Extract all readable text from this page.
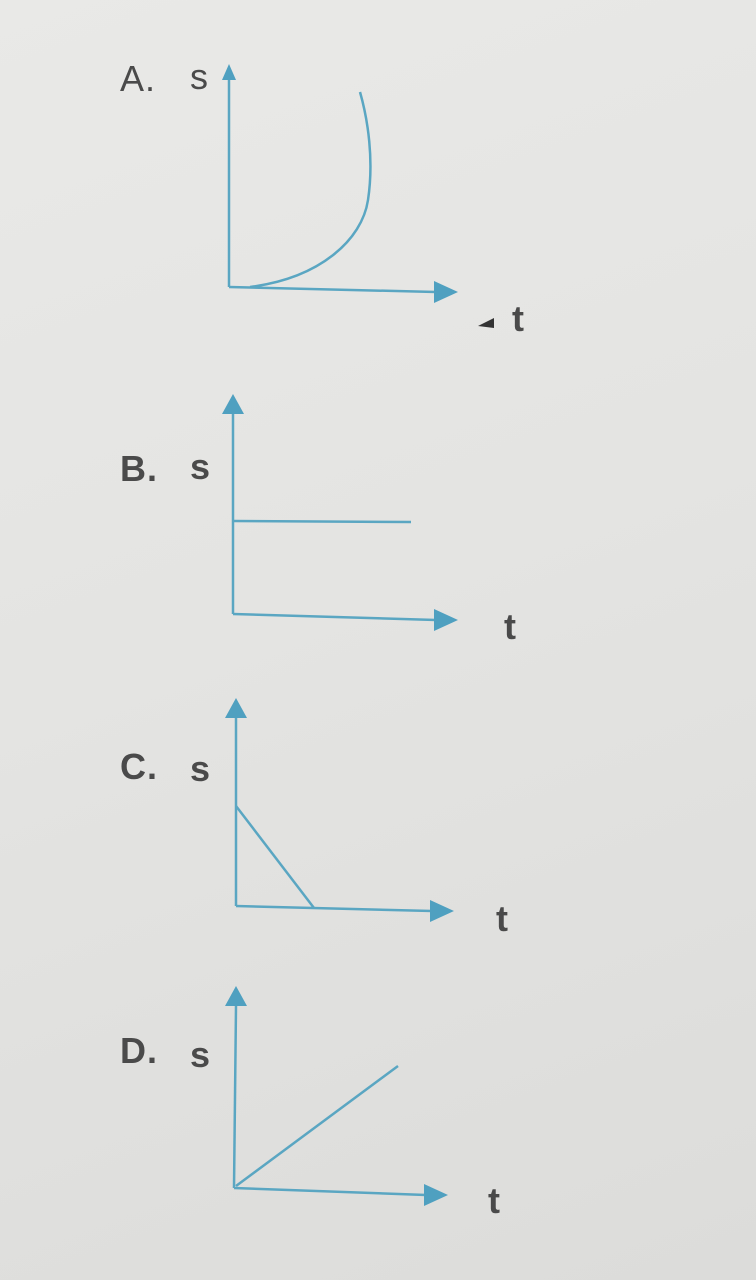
A. s
t
B. s
t
C. s
t
D. s
t
